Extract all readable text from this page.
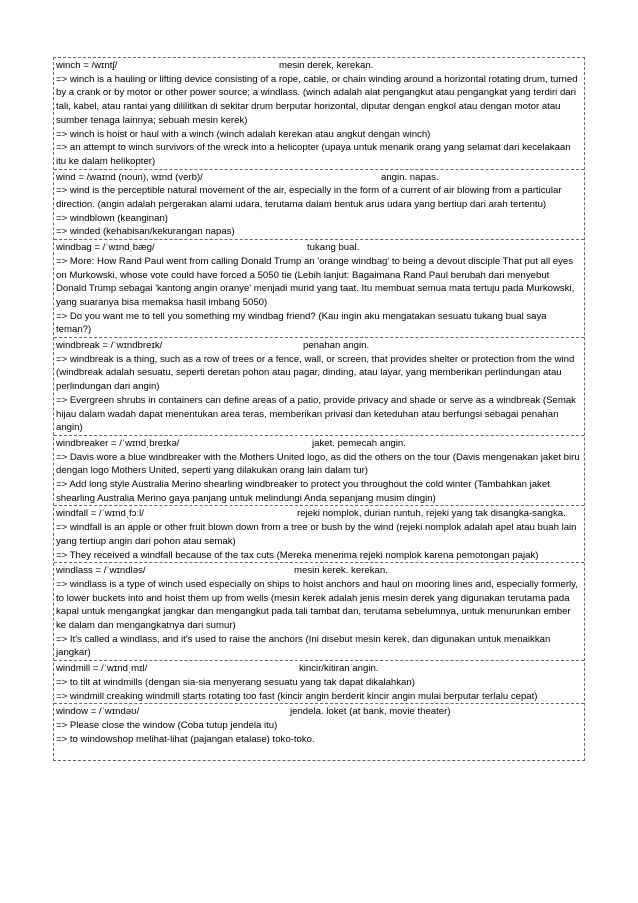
winch = /wɪntʃ/	mesin derek, kerekan.
=> winch is a hauling or lifting device consisting of a rope, cable, or chain winding around a horizontal rotating drum, turned by a crank or by motor or other power source; a windlass. (winch adalah alat pengangkut atau pengangkat yang terdiri dari tali, kabel, atau rantai yang dililitkan di sekitar drum berputar horizontal, diputar dengan engkol atau dengan motor atau sumber tenaga lainnya; sebuah mesin kerek)
=> winch is hoist or haul with a winch (winch adalah kerekan atau angkut dengan winch)
=> an attempt to winch survivors of the wreck into a helicopter (upaya untuk menarik orang yang selamat dari kecelakaan itu ke dalam helikopter)
wind = /waɪnd (noun), wɪnd (verb)/	angin. napas.
=> wind is the perceptible natural movement of the air, especially in the form of a current of air blowing from a particular direction. (angin adalah pergerakan alami udara, terutama dalam bentuk arus udara yang bertiup dari arah tertentu)
=> windblown (keanginan)
=> winded (kehabisan/kekurangan napas)
windbag = /ˈwɪndˌbæɡ/	tukang bual.
=> More: How Rand Paul went from calling Donald Trump an 'orange windbag' to being a devout disciple That put all eyes on Murkowski, whose vote could have forced a 5050 tie (Lebih lanjut: Bagaimana Rand Paul berubah dari menyebut Donald Trump sebagai 'kantong angin oranye' menjadi murid yang taat. Itu membuat semua mata tertuju pada Murkowski, yang suaranya bisa memaksa hasil imbang 5050)
=> Do you want me to tell you something my windbag friend? (Kau ingin aku mengatakan sesuatu tukang bual saya teman?)
windbreak = /ˈwɪndbreɪk/	penahan angin.
=> windbreak is a thing, such as a row of trees or a fence, wall, or screen, that provides shelter or protection from the wind (windbreak adalah sesuatu, seperti deretan pohon atau pagar, dinding, atau layar, yang memberikan perlindungan atau perlindungan dari angin)
=> Evergreen shrubs in containers can define areas of a patio, provide privacy and shade or serve as a windbreak (Semak hijau dalam wadah dapat menentukan area teras, memberikan privasi dan keteduhan atau berfungsi sebagai penahan angin)
windbreaker = /ˈwɪndˌbreɪkə/	jaket. pemecah angin.
=> Davis wore a blue windbreaker with the Mothers United logo, as did the others on the tour (Davis mengenakan jaket biru dengan logo Mothers United, seperti yang dilakukan orang lain dalam tur)
=> Add long style Australia Merino shearling windbreaker to protect you throughout the cold winter (Tambahkan jaket shearling Australia Merino gaya panjang untuk melindungi Anda sepanjang musim dingin)
windfall = /ˈwɪndˌfɔːl/	rejeki nomplok, durian runtuh, rejeki yang tak disangka-sangka.
=> windfall is an apple or other fruit blown down from a tree or bush by the wind (rejeki nomplok adalah apel atau buah lain yang tertiup angin dari pohon atau semak)
=> They received a windfall because of the tax cuts (Mereka menerima rejeki nomplok karena pemotongan pajak)
windlass = /ˈwɪndləs/	mesin kerek. kerekan.
=> windlass is a type of winch used especially on ships to hoist anchors and haul on mooring lines and, especially formerly, to lower buckets into and hoist them up from wells (mesin kerek adalah jenis mesin derek yang digunakan terutama pada kapal untuk mengangkat jangkar dan mengangkut pada tali tambat dan, terutama sebelumnya, untuk menurunkan ember ke dalam dan mengangkatnya dari sumur)
=> It's called a windlass, and it's used to raise the anchors (Ini disebut mesin kerek, dan digunakan untuk menaikkan jangkar)
windmill = /ˈwɪndˌmɪl/	kincir/kitiran angin.
=> to tilt at windmills (dengan sia-sia menyerang sesuatu yang tak dapat dikalahkan)
=> windmill creaking windmill starts rotating too fast (kincir angin berderit kincir angin mulai berputar terlalu cepat)
window = /ˈwɪndəʊ/	jendela. loket (at bank, movie theater)
=> Please close the window (Coba tutup jendela itu)
=> to windowshop melihat-lihat (pajangan etalase) toko-toko.
